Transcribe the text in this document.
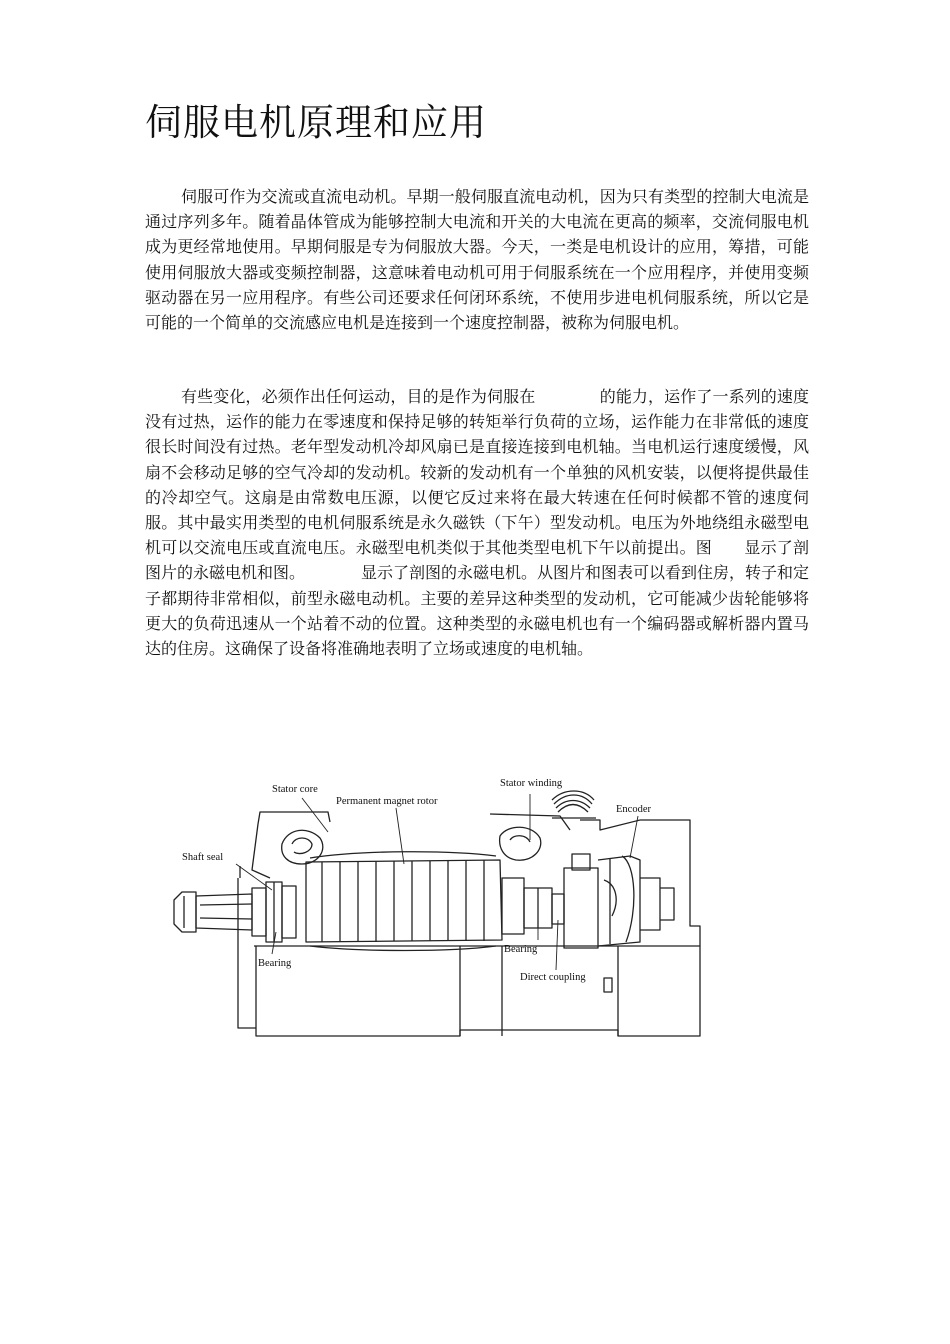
伺服电机原理和应用

伺服可作为交流或直流电动机。早期一般伺服直流电动机，因为只有类型的控制大电流是通过序列多年。随着晶体管成为能够控制大电流和开关的大电流在更高的频率，交流伺服电机成为更经常地使用。早期伺服是专为伺服放大器。今天，一类是电机设计的应用，筹措，可能使用伺服放大器或变频控制器，这意味着电动机可用于伺服系统在一个应用程序，并使用变频驱动器在另一应用程序。有些公司还要求任何闭环系统，不使用步进电机伺服系统，所以它是可能的一个简单的交流感应电机是连接到一个速度控制器，被称为伺服电机。

有些变化，必须作出任何运动，目的是作为伺服在　　　　的能力，运作了一系列的速度没有过热，运作的能力在零速度和保持足够的转矩举行负荷的立场，运作能力在非常低的速度很长时间没有过热。老年型发动机冷却风扇已是直接连接到电机轴。当电机运行速度缓慢，风扇不会移动足够的空气冷却的发动机。较新的发动机有一个单独的风机安装，以便将提供最佳的冷却空气。这扇是由常数电压源，以便它反过来将在最大转速在任何时候都不管的速度伺服。其中最实用类型的电机伺服系统是永久磁铁（下午）型发动机。电压为外地绕组永磁型电机可以交流电压或直流电压。永磁型电机类似于其他类型电机下午以前提出。图　　显示了剖图片的永磁电机和图。　　　　显示了剖图的永磁电机。从图片和图表可以看到住房，转子和定子都期待非常相似，前型永磁电动机。主要的差异这种类型的发动机，它可能减少齿轮能够将更大的负荷迅速从一个站着不动的位置。这种类型的永磁电机也有一个编码器或解析器内置马达的住房。这确保了设备将准确地表明了立场或速度的电机轴。

Stator core
Permanent magnet rotor
Stator winding
Encoder
Shaft seal
Bearing
Bearing
Direct coupling
